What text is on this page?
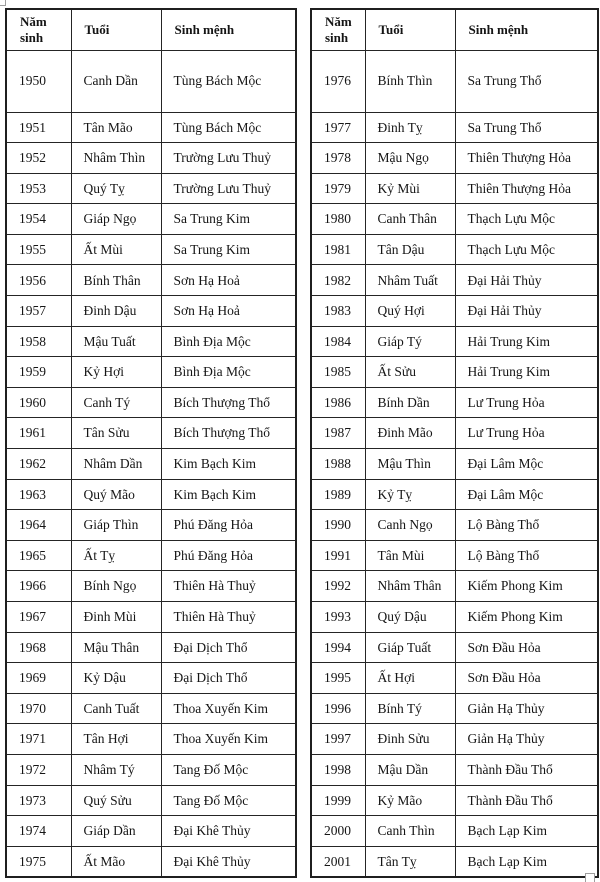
Năm sinh	Tuổi	Sinh mệnh
1950	Canh Dần	Tùng Bách Mộc
1951	Tân Mão	Tùng Bách Mộc
1952	Nhâm Thìn	Trường Lưu Thuỷ
1953	Quý Tỵ	Trường Lưu Thuỷ
1954	Giáp Ngọ	Sa Trung Kim
1955	Ất Mùi	Sa Trung Kim
1956	Bính Thân	Sơn Hạ Hoả
1957	Đinh Dậu	Sơn Hạ Hoả
1958	Mậu Tuất	Bình Địa Mộc
1959	Kỷ Hợi	Bình Địa Mộc
1960	Canh Tý	Bích Thượng Thổ
1961	Tân Sửu	Bích Thượng Thổ
1962	Nhâm Dần	Kim Bạch Kim
1963	Quý Mão	Kim Bạch Kim
1964	Giáp Thìn	Phú Đăng Hỏa
1965	Ất Tỵ	Phú Đăng Hỏa
1966	Bính Ngọ	Thiên Hà Thuỷ
1967	Đinh Mùi	Thiên Hà Thuỷ
1968	Mậu Thân	Đại Dịch Thổ
1969	Kỷ Dậu	Đại Dịch Thổ
1970	Canh Tuất	Thoa Xuyến Kim
1971	Tân Hợi	Thoa Xuyến Kim
1972	Nhâm Tý	Tang Đố Mộc
1973	Quý Sửu	Tang Đố Mộc
1974	Giáp Dần	Đại Khê Thủy
1975	Ất Mão	Đại Khê Thủy
Năm sinh	Tuổi	Sinh mệnh
1976	Bính Thìn	Sa Trung Thổ
1977	Đinh Tỵ	Sa Trung Thổ
1978	Mậu Ngọ	Thiên Thượng Hỏa
1979	Kỷ Mùi	Thiên Thượng Hỏa
1980	Canh Thân	Thạch Lựu Mộc
1981	Tân Dậu	Thạch Lựu Mộc
1982	Nhâm Tuất	Đại Hải Thủy
1983	Quý Hợi	Đại Hải Thủy
1984	Giáp Tý	Hải Trung Kim
1985	Ất Sửu	Hải Trung Kim
1986	Bính Dần	Lư Trung Hỏa
1987	Đinh Mão	Lư Trung Hỏa
1988	Mậu Thìn	Đại Lâm Mộc
1989	Kỷ Tỵ	Đại Lâm Mộc
1990	Canh Ngọ	Lộ Bàng Thổ
1991	Tân Mùi	Lộ Bàng Thổ
1992	Nhâm Thân	Kiếm Phong Kim
1993	Quý Dậu	Kiếm Phong Kim
1994	Giáp Tuất	Sơn Đầu Hỏa
1995	Ất Hợi	Sơn Đầu Hỏa
1996	Bính Tý	Giản Hạ Thủy
1997	Đinh Sửu	Giản Hạ Thủy
1998	Mậu Dần	Thành Đầu Thổ
1999	Kỷ Mão	Thành Đầu Thổ
2000	Canh Thìn	Bạch Lạp Kim
2001	Tân Tỵ	Bạch Lạp Kim
